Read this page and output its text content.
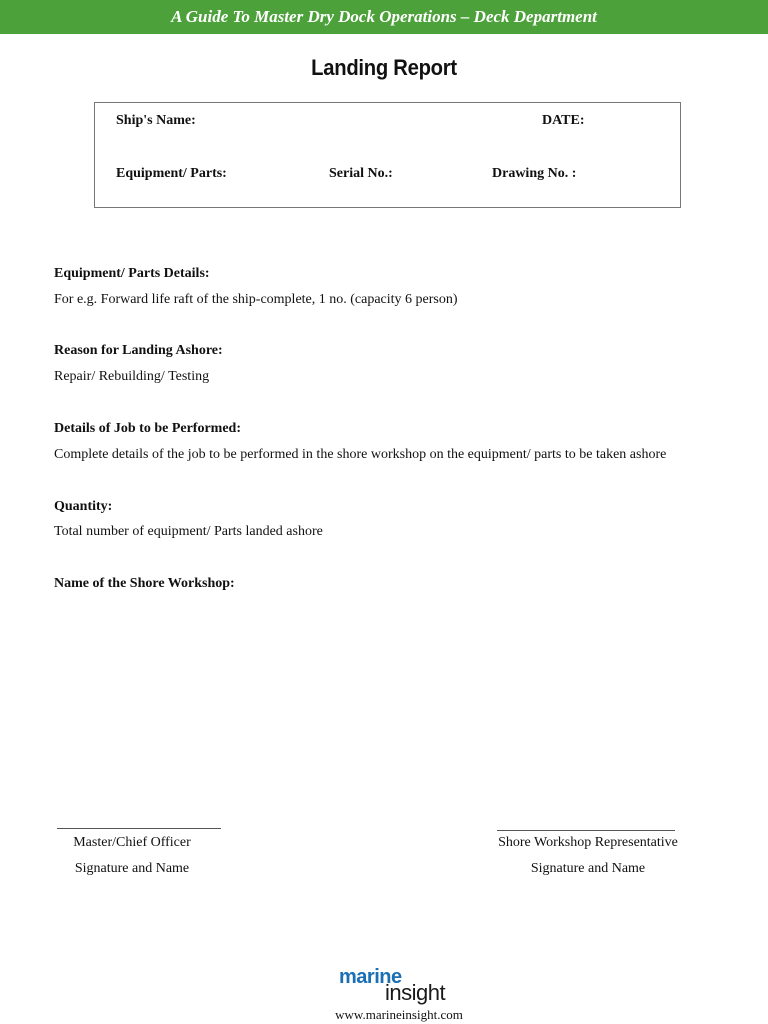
A Guide To Master Dry Dock Operations – Deck Department
Landing Report
Ship's Name:	DATE:
Equipment/ Parts:	Serial No.:	Drawing No. :
Equipment/ Parts Details:
For e.g. Forward life raft of the ship-complete, 1 no. (capacity 6 person)
Reason for Landing Ashore:
Repair/ Rebuilding/ Testing
Details of Job to be Performed:
Complete details of the job to be performed in the shore workshop on the equipment/ parts to be taken ashore
Quantity:
Total number of equipment/ Parts landed ashore
Name of the Shore Workshop:
Master/Chief Officer
Signature and Name
Shore Workshop Representative
Signature and Name
marine
insight
www.marineinsight.com
